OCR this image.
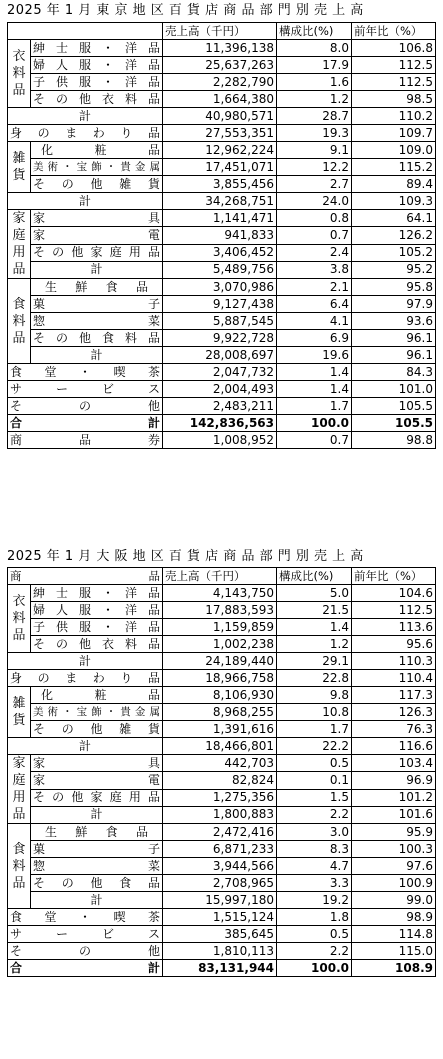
2025 年 1 月 東 京 地 区 百 貨 店 商 品 部 門 別 売 上 高
		売上高（千円）	構成比(%)	前年比（%）

衣
料
品	紳士服・洋品	11,396,138	8.0	106.8

	婦人服・洋品	25,637,263	17.9	112.5

	子供服・洋品	2,282,790	1.6	112.5

	その他衣料品	1,664,380	1.2	98.5
計		40,980,571	28.7	110.2

身のまわり品		27,553,351	19.3	109.7

雑
貨	化粧品	12,962,224	9.1	109.0

	美術・宝飾・貴金属	17,451,071	12.2	115.2

	その他雑貨	3,855,456	2.7	89.4
計		34,268,751	24.0	109.3

家
庭
用
品	家具	1,141,471	0.8	64.1

	家電	941,833	0.7	126.2

	その他家庭用品	3,406,452	2.4	105.2
	計	5,489,756	3.8	95.2

食
料
品	生鮮食品	3,070,986	2.1	95.8

	菓子	9,127,438	6.4	97.9

	惣菜	5,887,545	4.1	93.6

	その他食料品	9,922,728	6.9	96.1
	計	28,008,697	19.6	96.1

食堂・喫茶		2,047,732	1.4	84.3

サービス		2,004,493	1.4	101.0

その他		2,483,211	1.7	105.5

合計		142,836,563	100.0	105.5

商品券		1,008,952	0.7	98.8
2025 年 1 月 大 阪 地 区 百 貨 店 商 品 部 門 別 売 上 高
商品		売上高（千円）	構成比(%)	前年比（%）

衣
料
品	紳士服・洋品	4,143,750	5.0	104.6

	婦人服・洋品	17,883,593	21.5	112.5

	子供服・洋品	1,159,859	1.4	113.6

	その他衣料品	1,002,238	1.2	95.6
計		24,189,440	29.1	110.3

身のまわり品		18,966,758	22.8	110.4

雑
貨	化粧品	8,106,930	9.8	117.3

	美術・宝飾・貴金属	8,968,255	10.8	126.3

	その他雑貨	1,391,616	1.7	76.3
計		18,466,801	22.2	116.6

家
庭
用
品	家具	442,703	0.5	103.4

	家電	82,824	0.1	96.9

	その他家庭用品	1,275,356	1.5	101.2
	計	1,800,883	2.2	101.6

食
料
品	生鮮食品	2,472,416	3.0	95.9

	菓子	6,871,233	8.3	100.3

	惣菜	3,944,566	4.7	97.6

	その他食品	2,708,965	3.3	100.9
	計	15,997,180	19.2	99.0

食堂・喫茶		1,515,124	1.8	98.9

サービス		385,645	0.5	114.8

その他		1,810,113	2.2	115.0

合計		83,131,944	100.0	108.9
